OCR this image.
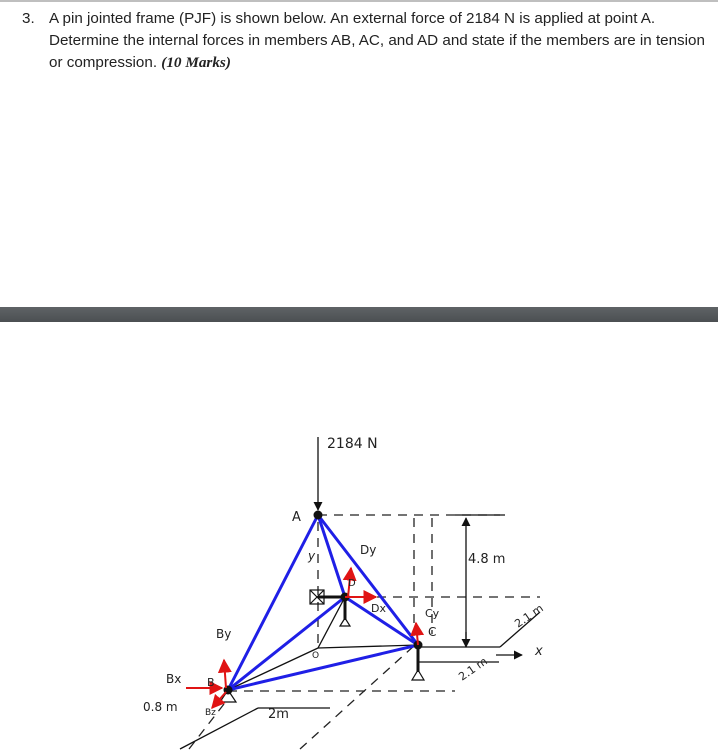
3. A pin jointed frame (PJF) is shown below. An external force of 2184 N is applied at point A. Determine the internal forces in members AB, AC, and AD and state if the members are in tension or compression. (10 Marks)
2184 N
A
y	Dy
D
Dx	Cy
C
O
By
B
Bx
Bz
4.8 m
2.1 m
2.1 m
x
2m
0.8 m
